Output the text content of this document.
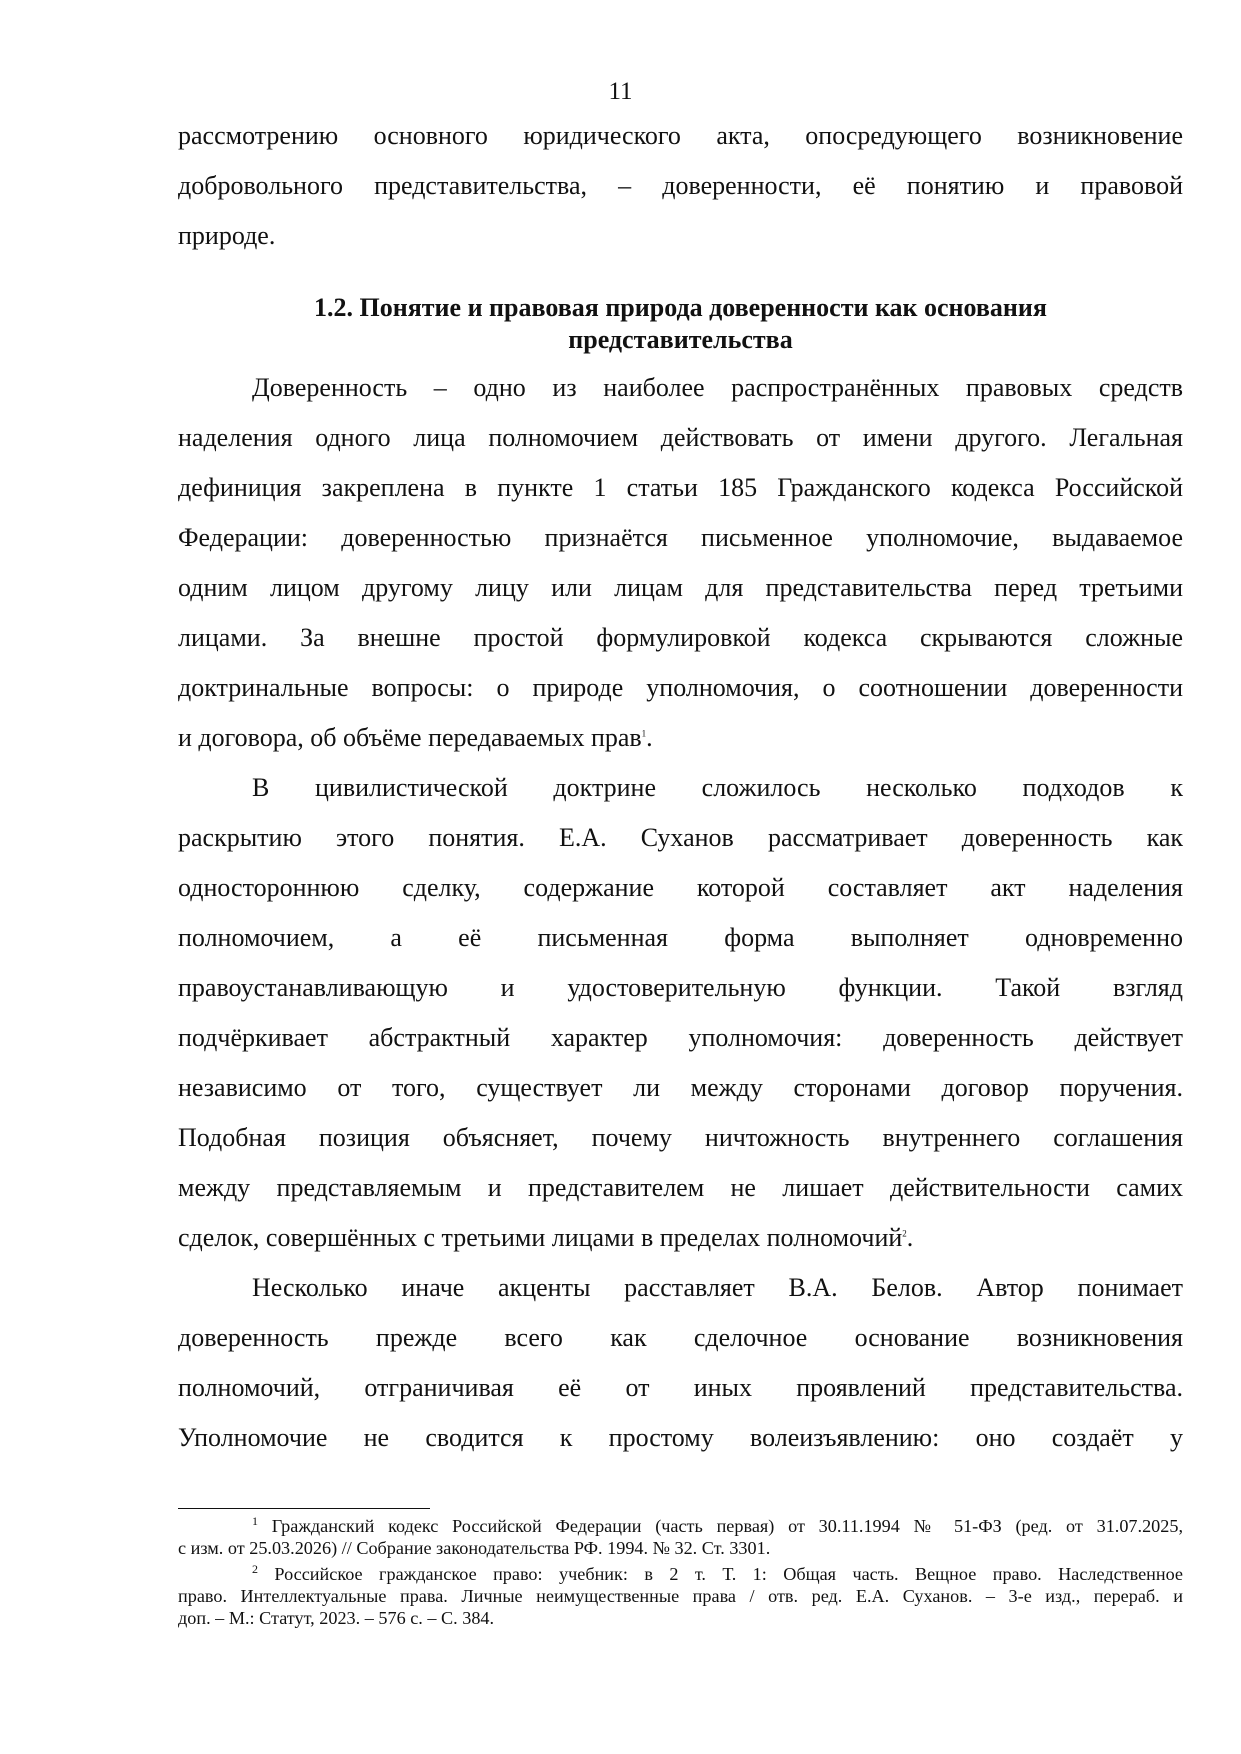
11
рассмотрению основного юридического акта, опосредующего возникновение
добровольного представительства, – доверенности, её понятию и правовой
природе.
1.2. Понятие и правовая природа доверенности как основания
представительства
Доверенность – одно из наиболее распространённых правовых средств
наделения одного лица полномочием действовать от имени другого. Легальная
дефиниция закреплена в пункте 1 статьи 185 Гражданского кодекса Российской
Федерации: доверенностью признаётся письменное уполномочие, выдаваемое
одним лицом другому лицу или лицам для представительства перед третьими
лицами. За внешне простой формулировкой кодекса скрываются сложные
доктринальные вопросы: о природе уполномочия, о соотношении доверенности
и договора, об объёме передаваемых прав$^1$.
В цивилистической доктрине сложилось несколько подходов к
раскрытию этого понятия. Е.А. Суханов рассматривает доверенность как
одностороннюю сделку, содержание которой составляет акт наделения
полномочием, а её письменная форма выполняет одновременно
правоустанавливающую и удостоверительную функции. Такой взгляд
подчёркивает абстрактный характер уполномочия: доверенность действует
независимо от того, существует ли между сторонами договор поручения.
Подобная позиция объясняет, почему ничтожность внутреннего соглашения
между представляемым и представителем не лишает действительности самих
сделок, совершённых с третьими лицами в пределах полномочий$^2$.
Несколько иначе акценты расставляет В.А. Белов. Автор понимает
доверенность прежде всего как сделочное основание возникновения
полномочий, отграничивая её от иных проявлений представительства.
Уполномочие не сводится к простому волеизъявлению: оно создаёт у
$^1$ Гражданский кодекс Российской Федерации (часть первая) от 30.11.1994 № 51-ФЗ (ред. от 31.07.2025,
с изм. от 25.03.2026) // Собрание законодательства РФ. 1994. № 32. Ст. 3301.
$^2$ Российское гражданское право: учебник: в 2 т. Т. 1: Общая часть. Вещное право. Наследственное
право. Интеллектуальные права. Личные неимущественные права / отв. ред. Е.А. Суханов. – 3-е изд., перераб. и
доп. – М.: Статут, 2023. – 576 с. – С. 384.
